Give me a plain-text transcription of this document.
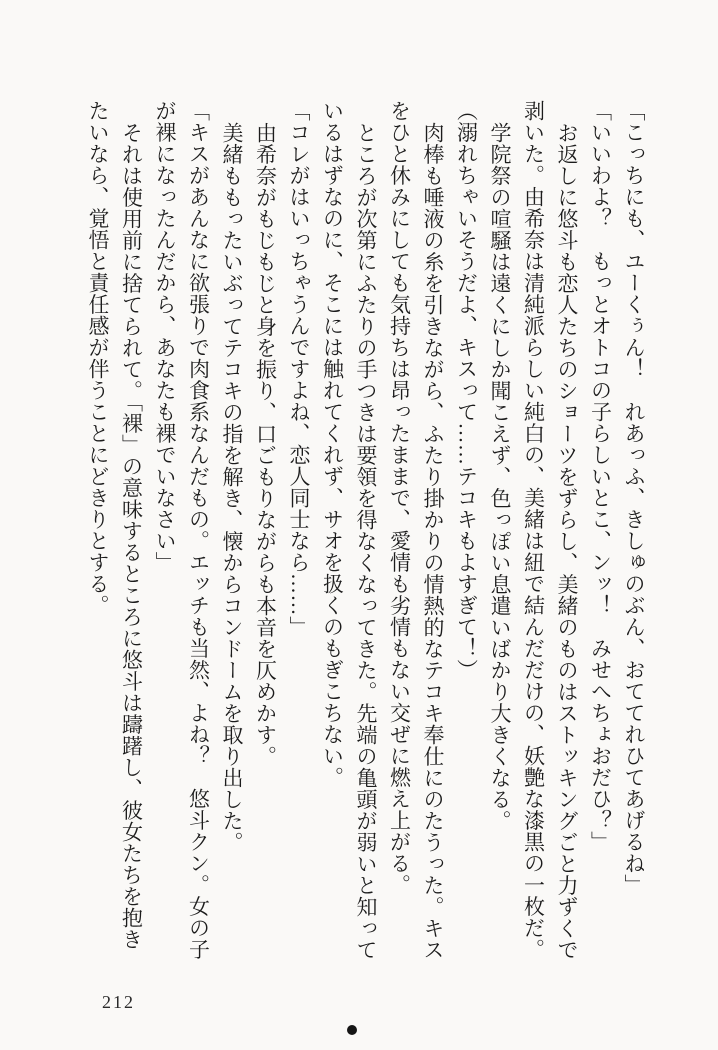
「こっちにも、ユーくぅん！　れあっふ、きしゅのぶん、おててれひてあげるね」
「いいわよ？　もっとオトコの子らしいとこ、ンッ！　みせへちょおだひ？」
お返しに悠斗も恋人たちのショーツをずらし、美緒のものはストッキングごと力ずくで
剥いた。由希奈は清純派らしい純白の、美緒は紐で結んだだけの、妖艶な漆黒の一枚だ。
学院祭の喧騒は遠くにしか聞こえず、色っぽい息遣いばかり大きくなる。
（溺れちゃいそうだよ、キスって……テコキもよすぎて！）
肉棒も唾液の糸を引きながら、ふたり掛かりの情熱的なテコキ奉仕にのたうった。キス
をひと休みにしても気持ちは昂ったままで、愛情も劣情もない交ぜに燃え上がる。
ところが次第にふたりの手つきは要領を得なくなってきた。先端の亀頭が弱いと知って
いるはずなのに、そこには触れてくれず、サオを扱くのもぎこちない。
「コレがはいっちゃうんですよね、恋人同士なら……」
由希奈がもじもじと身を振り、口ごもりながらも本音を仄めかす。
美緒ももったいぶってテコキの指を解き、懐からコンドームを取り出した。
「キスがあんなに欲張りで肉食系なんだもの。エッチも当然、よね？　悠斗クン。女の子
が裸になったんだから、あなたも裸でいなさい」
それは使用前に捨てられて。「裸」の意味するところに悠斗は躊躇し、彼女たちを抱き
たいなら、覚悟と責任感が伴うことにどきりとする。
212
